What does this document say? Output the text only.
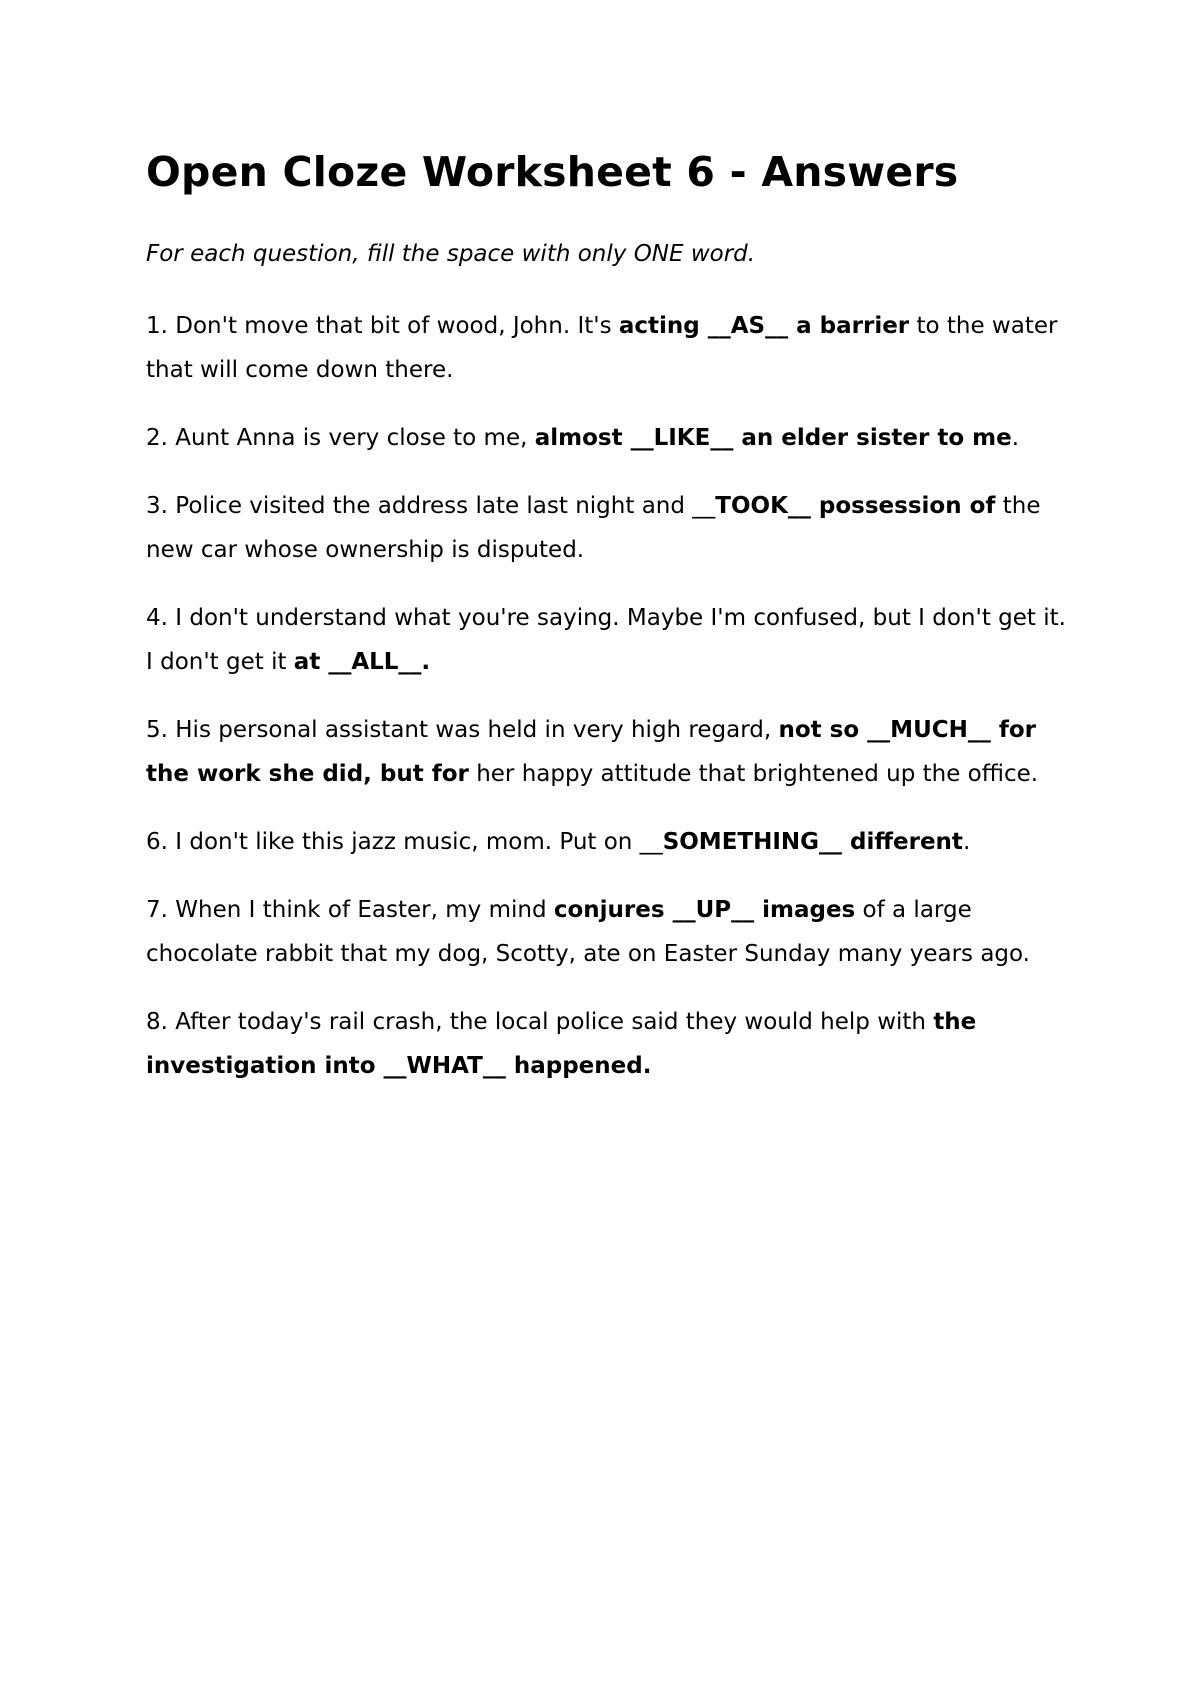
Open Cloze Worksheet 6 - Answers

For each question, fill the space with only ONE word.

1. Don't move that bit of wood, John. It's acting __AS__ a barrier to the water that will come down there.

2. Aunt Anna is very close to me, almost __LIKE__ an elder sister to me.

3. Police visited the address late last night and __TOOK__ possession of the new car whose ownership is disputed.

4. I don't understand what you're saying. Maybe I'm confused, but I don't get it. I don't get it at __ALL__.

5. His personal assistant was held in very high regard, not so __MUCH__ for the work she did, but for her happy attitude that brightened up the office.

6. I don't like this jazz music, mom. Put on __SOMETHING__ different.

7. When I think of Easter, my mind conjures __UP__ images of a large chocolate rabbit that my dog, Scotty, ate on Easter Sunday many years ago.

8. After today's rail crash, the local police said they would help with the investigation into __WHAT__ happened.
